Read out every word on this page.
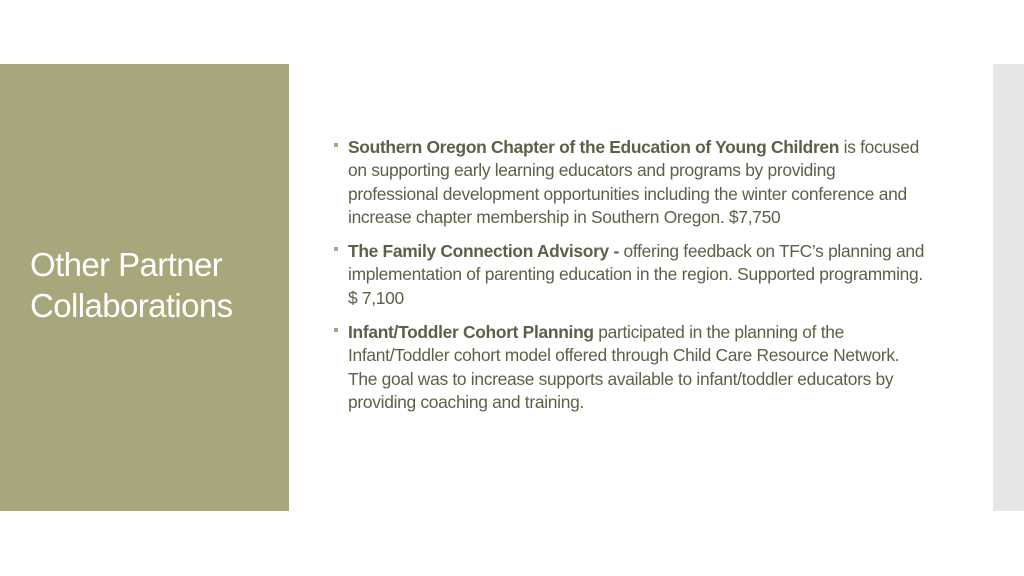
Other Partner Collaborations
Southern Oregon Chapter of the Education of Young Children is focused on supporting early learning educators and programs by providing professional development opportunities including the winter conference and increase chapter membership in Southern Oregon. $7,750
The Family Connection Advisory - offering feedback on TFC’s planning and implementation of parenting education in the region. Supported programming. $ 7,100
Infant/Toddler Cohort Planning participated in the planning of the Infant/Toddler cohort model offered through Child Care Resource Network. The goal was to increase supports available to infant/toddler educators by providing coaching and training.
